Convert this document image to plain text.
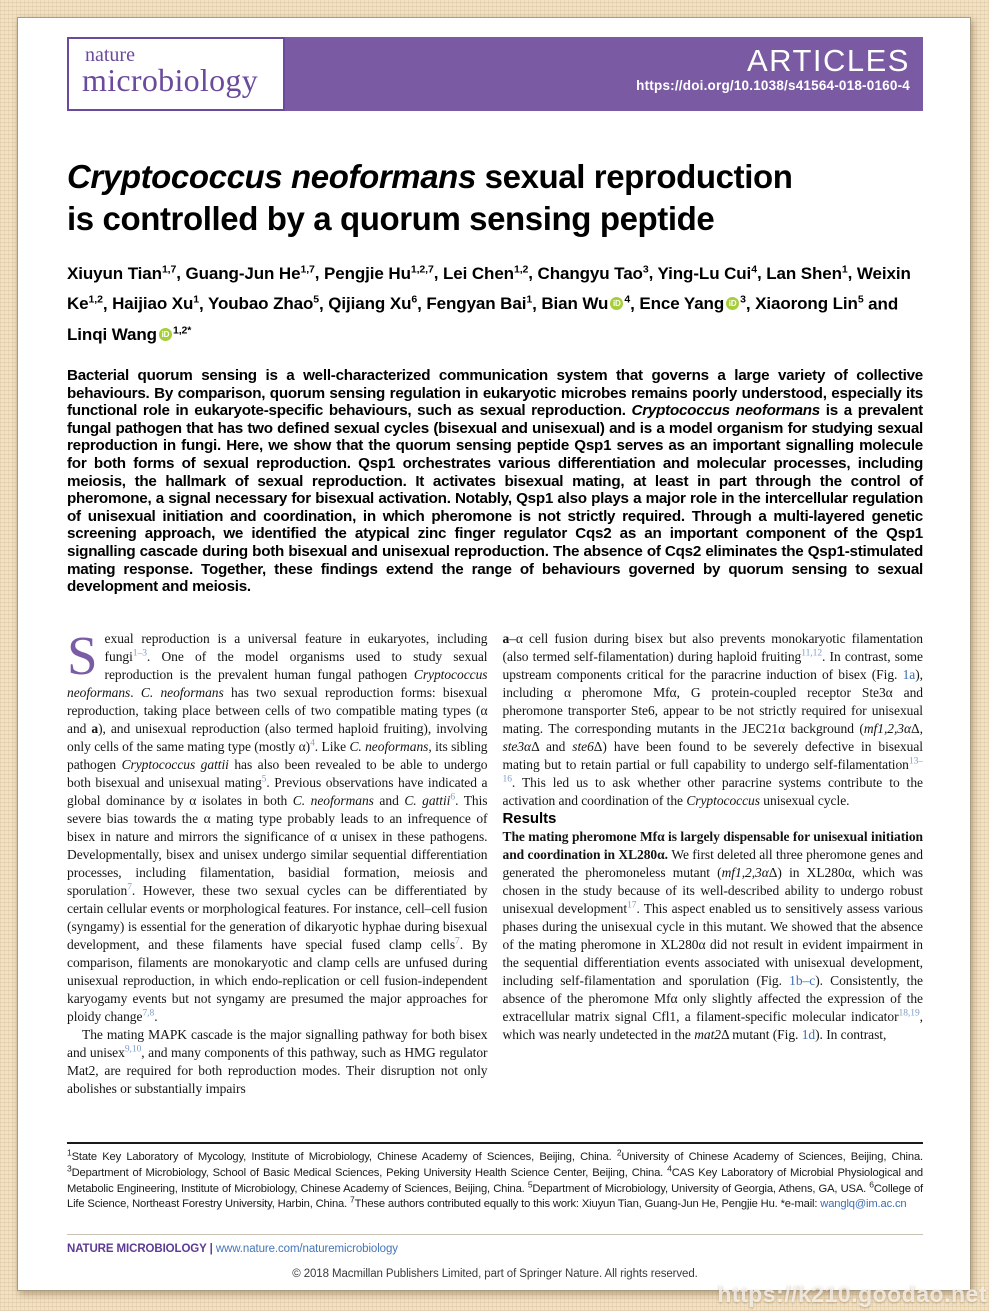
nature
microbiology
ARTICLES
https://doi.org/10.1038/s41564-018-0160-4
Cryptococcus neoformans sexual reproduction
is controlled by a quorum sensing peptide
Xiuyun Tian$^{1,7}$, Guang-Jun He$^{1,7}$, Pengjie Hu$^{1,2,7}$, Lei Chen$^{1,2}$, Changyu Tao$^3$, Ying-Lu Cui$^4$, Lan Shen$^1$, Weixin Ke$^{1,2}$, Haijiao Xu$^1$, Youbao Zhao$^5$, Qijiang Xu$^6$, Fengyan Bai$^1$, Bian Wu iD $^4$, Ence Yang iD $^3$, Xiaorong Lin$^5$ and Linqi Wang iD $^{1,2*}$

Bacterial quorum sensing is a well-characterized communication system that governs a large variety of collective behaviours. By comparison, quorum sensing regulation in eukaryotic microbes remains poorly understood, especially its functional role in eukaryote-specific behaviours, such as sexual reproduction. Cryptococcus neoformans is a prevalent fungal pathogen that has two defined sexual cycles (bisexual and unisexual) and is a model organism for studying sexual reproduction in fungi. Here, we show that the quorum sensing peptide Qsp1 serves as an important signalling molecule for both forms of sexual reproduction. Qsp1 orchestrates various differentiation and molecular processes, including meiosis, the hallmark of sexual reproduction. It activates bisexual mating, at least in part through the control of pheromone, a signal necessary for bisexual activation. Notably, Qsp1 also plays a major role in the intercellular regulation of unisexual initiation and coordination, in which pheromone is not strictly required. Through a multi-layered genetic screening approach, we identified the atypical zinc finger regulator Cqs2 as an important component of the Qsp1 signalling cascade during both bisexual and unisexual reproduction. The absence of Cqs2 eliminates the Qsp1-stimulated mating response. Together, these findings extend the range of behaviours governed by quorum sensing to sexual development and meiosis.

Sexual reproduction is a universal feature in eukaryotes, including fungi$^{1-3}$. One of the model organisms used to study sexual reproduction is the prevalent human fungal pathogen Cryptococcus neoformans. C. neoformans has two sexual reproduction forms: bisexual reproduction, taking place between cells of two compatible mating types (α and a), and unisexual reproduction (also termed haploid fruiting), involving only cells of the same mating type (mostly α)$^4$. Like C. neoformans, its sibling pathogen Cryptococcus gattii has also been revealed to be able to undergo both bisexual and unisexual mating$^5$. Previous observations have indicated a global dominance by α isolates in both C. neoformans and C. gattii$^6$. This severe bias towards the α mating type probably leads to an infrequence of bisex in nature and mirrors the significance of α unisex in these pathogens. Developmentally, bisex and unisex undergo similar sequential differentiation processes, including filamentation, basidial formation, meiosis and sporulation$^7$. However, these two sexual cycles can be differentiated by certain cellular events or morphological features. For instance, cell–cell fusion (syngamy) is essential for the generation of dikaryotic hyphae during bisexual development, and these filaments have special fused clamp cells$^7$. By comparison, filaments are monokaryotic and clamp cells are unfused during unisexual reproduction, in which endo-replication or cell fusion-independent karyogamy events but not syngamy are presumed the major approaches for ploidy change$^{7,8}$.

The mating MAPK cascade is the major signalling pathway for both bisex and unisex$^{9,10}$, and many components of this pathway, such as HMG regulator Mat2, are required for both reproduction modes. Their disruption not only abolishes or substantially impairs

a–α cell fusion during bisex but also prevents monokaryotic filamentation (also termed self-filamentation) during haploid fruiting$^{11,12}$. In contrast, some upstream components critical for the paracrine induction of bisex (Fig. 1a), including α pheromone Mfα, G protein-coupled receptor Ste3α and pheromone transporter Ste6, appear to be not strictly required for unisexual mating. The corresponding mutants in the JEC21α background (mf1,2,3αΔ, ste3αΔ and ste6Δ) have been found to be severely defective in bisexual mating but to retain partial or full capability to undergo self-filamentation$^{13-16}$. This led us to ask whether other paracrine systems contribute to the activation and coordination of the Cryptococcus unisexual cycle.

Results

The mating pheromone Mfα is largely dispensable for unisexual initiation and coordination in XL280α. We first deleted all three pheromone genes and generated the pheromoneless mutant (mf1,2,3αΔ) in XL280α, which was chosen in the study because of its well-described ability to undergo robust unisexual development$^{17}$. This aspect enabled us to sensitively assess various phases during the unisexual cycle in this mutant. We showed that the absence of the mating pheromone in XL280α did not result in evident impairment in the sequential differentiation events associated with unisexual development, including self-filamentation and sporulation (Fig. 1b–c). Consistently, the absence of the pheromone Mfα only slightly affected the expression of the extracellular matrix signal Cfl1, a filament-specific molecular indicator$^{18,19}$, which was nearly undetected in the mat2Δ mutant (Fig. 1d). In contrast,

$^1$State Key Laboratory of Mycology, Institute of Microbiology, Chinese Academy of Sciences, Beijing, China. $^2$University of Chinese Academy of Sciences, Beijing, China. $^3$Department of Microbiology, School of Basic Medical Sciences, Peking University Health Science Center, Beijing, China. $^4$CAS Key Laboratory of Microbial Physiological and Metabolic Engineering, Institute of Microbiology, Chinese Academy of Sciences, Beijing, China. $^5$Department of Microbiology, University of Georgia, Athens, GA, USA. $^6$College of Life Science, Northeast Forestry University, Harbin, China. $^7$These authors contributed equally to this work: Xiuyun Tian, Guang-Jun He, Pengjie Hu. *e-mail: wanglq@im.ac.cn

NATURE MICROBIOLOGY | www.nature.com/naturemicrobiology
© 2018 Macmillan Publishers Limited, part of Springer Nature. All rights reserved.
https://k210.goodao.net
